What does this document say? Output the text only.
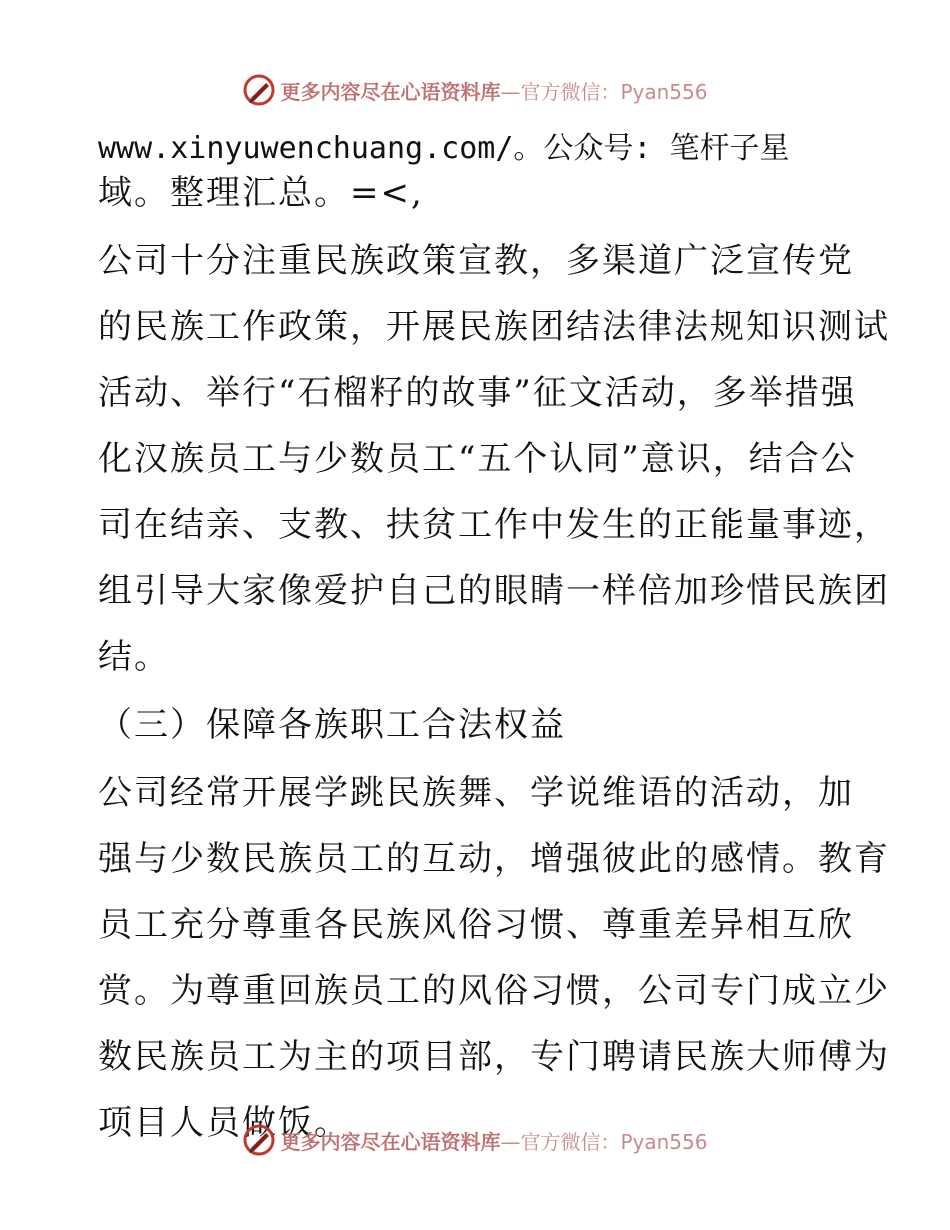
更多内容尽在心语资料库—官方微信：Pyan556
www.xinyuwenchuang.com/。公众号: 笔杆子星
域。整理汇总。=<,
公司十分注重民族政策宣教，多渠道广泛宣传党
的民族工作政策，开展民族团结法律法规知识测试
活动、举行“石榴籽的故事”征文活动，多举措强
化汉族员工与少数员工“五个认同”意识，结合公
司在结亲、支教、扶贫工作中发生的正能量事迹，
组引导大家像爱护自己的眼睛一样倍加珍惜民族团
结。
（三）保障各族职工合法权益
公司经常开展学跳民族舞、学说维语的活动，加
强与少数民族员工的互动，增强彼此的感情。教育
员工充分尊重各民族风俗习惯、尊重差异相互欣
赏。为尊重回族员工的风俗习惯，公司专门成立少
数民族员工为主的项目部，专门聘请民族大师傅为
项目人员做饭。
更多内容尽在心语资料库—官方微信：Pyan556
